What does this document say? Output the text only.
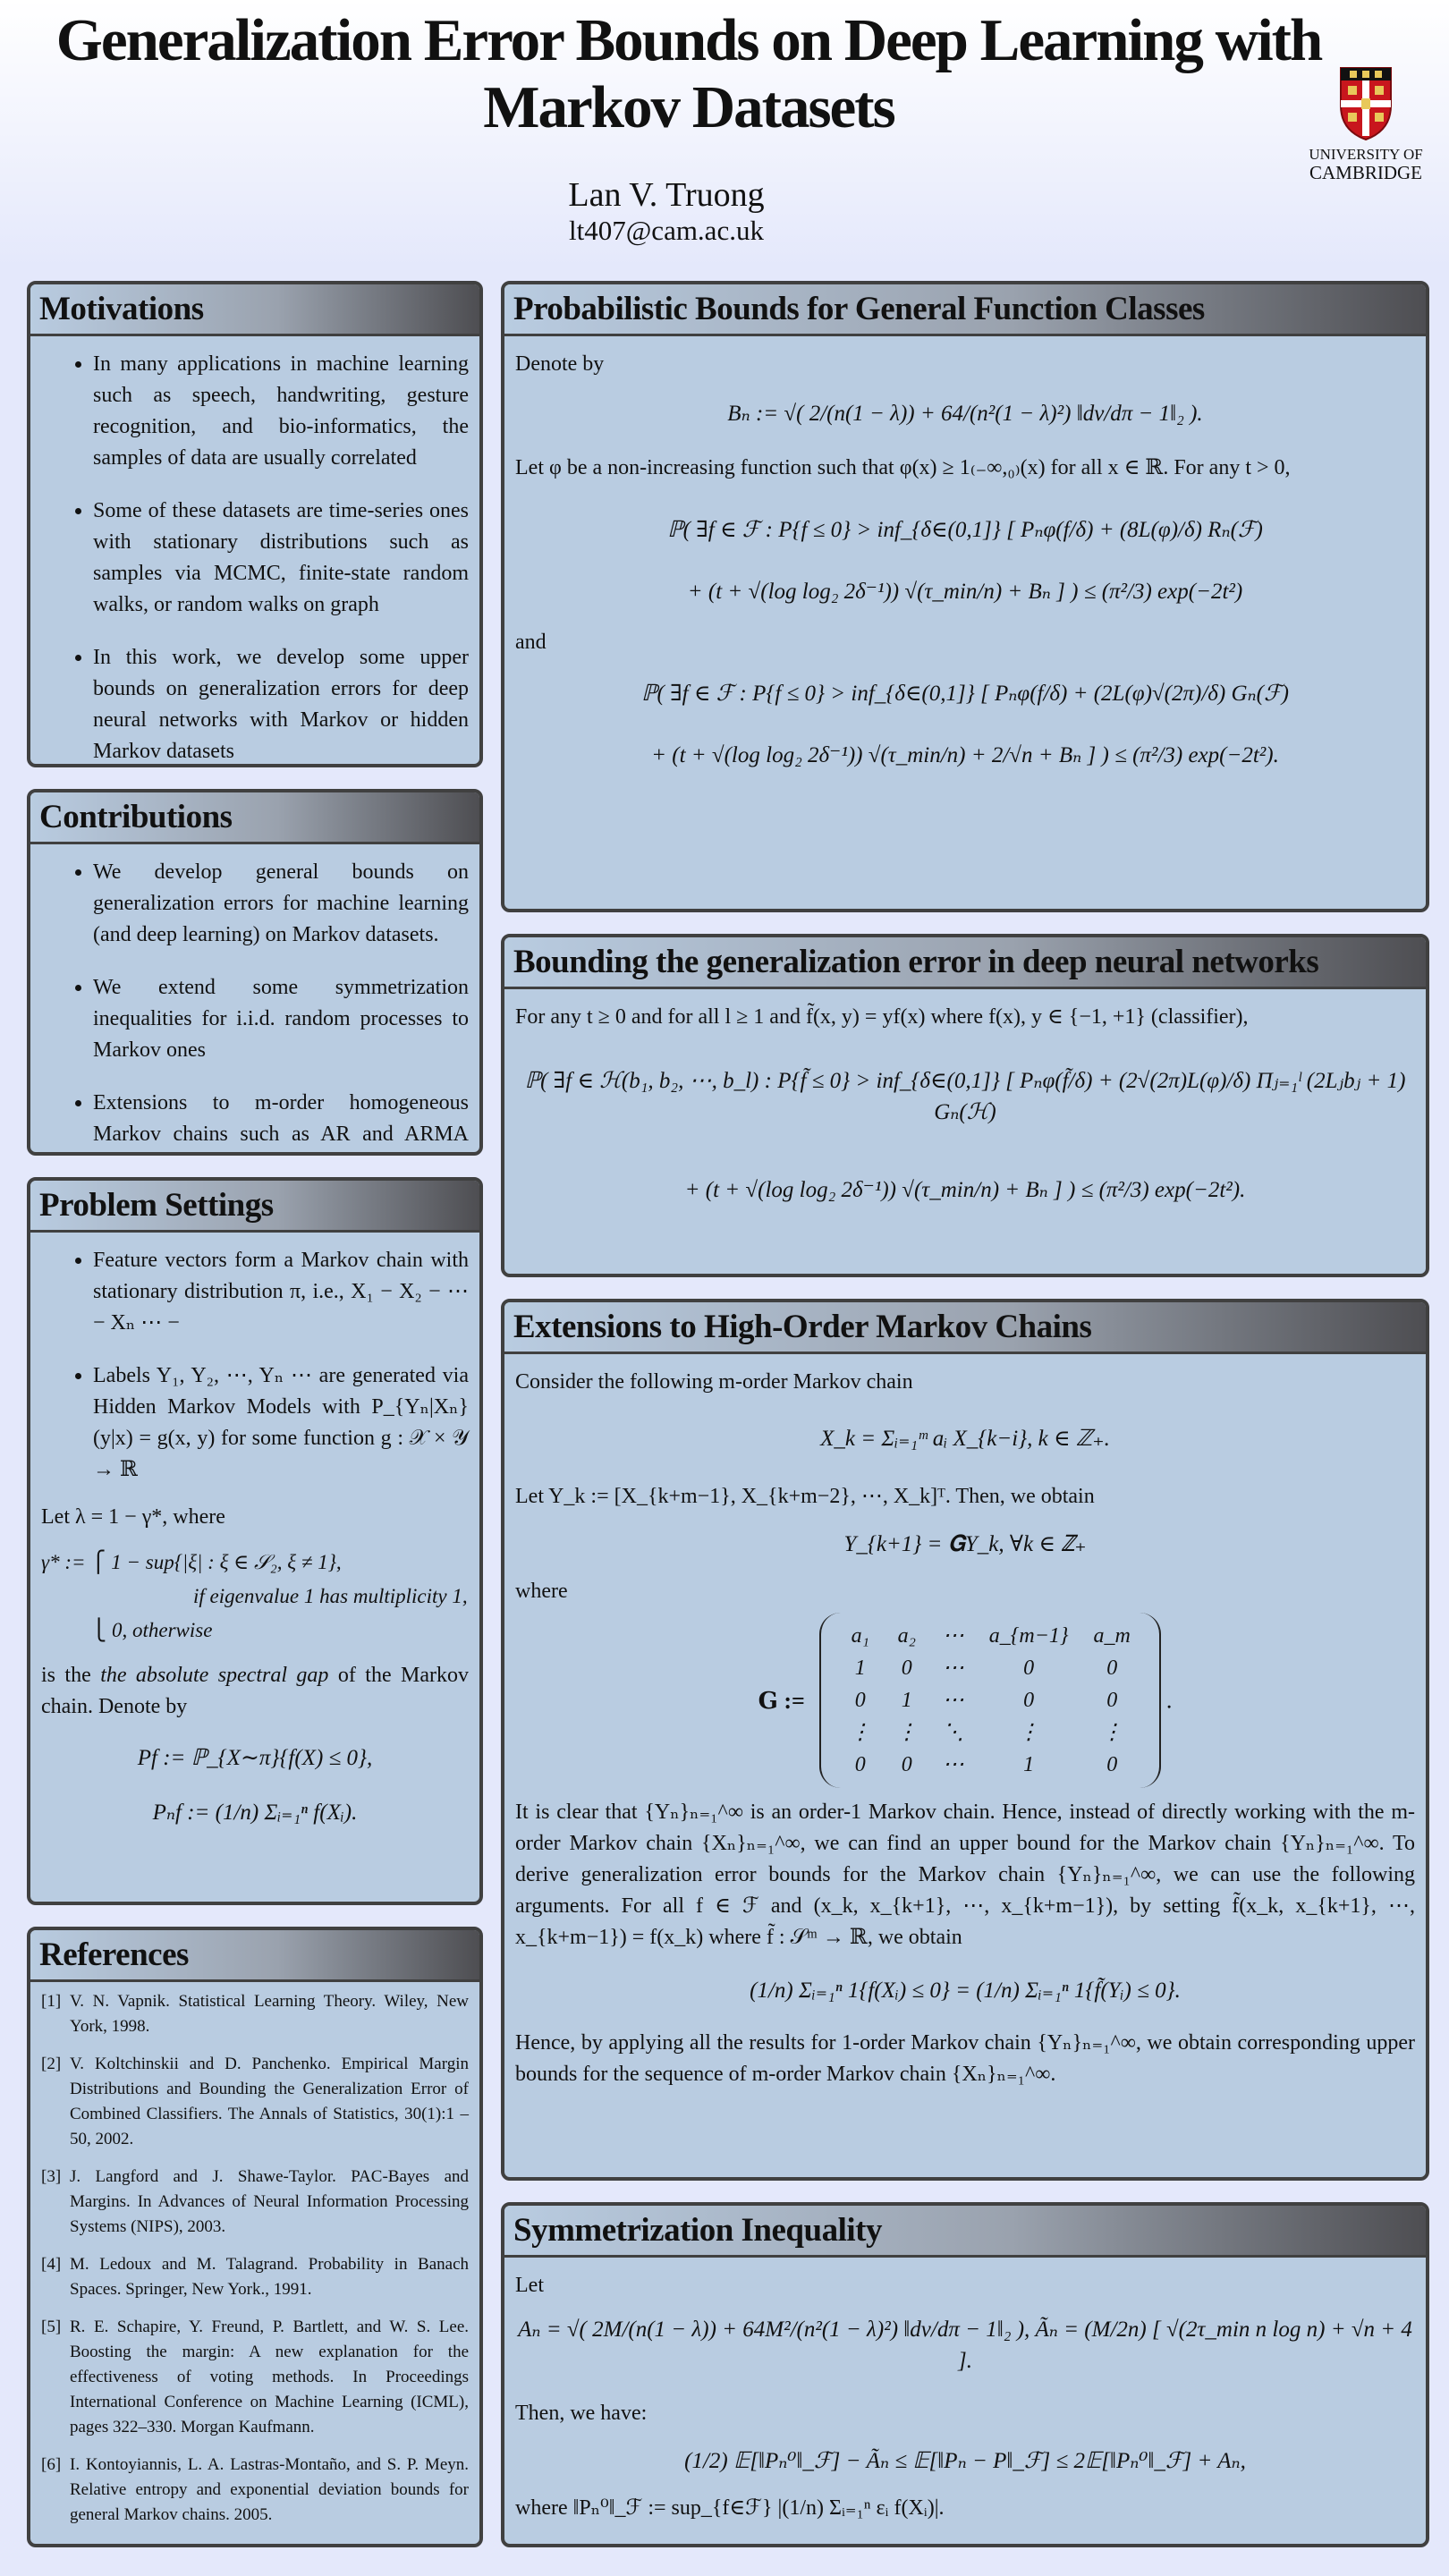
Generalization Error Bounds on Deep Learning with Markov Datasets
Lan V. Truong
lt407@cam.ac.uk
UNIVERSITY OF
CAMBRIDGE
Motivations
• In many applications in machine learning such as speech, handwriting, gesture recognition, and bio-informatics, the samples of data are usually correlated
• Some of these datasets are time-series ones with stationary distributions such as samples via MCMC, finite-state random walks, or random walks on graph
• In this work, we develop some upper bounds on generalization errors for deep neural networks with Markov or hidden Markov datasets
Contributions
• We develop general bounds on generalization errors for machine learning (and deep learning) on Markov datasets.
• We extend some symmetrization inequalities for i.i.d. random processes to Markov ones
• Extensions to m-order homogeneous Markov chains such as AR and ARMA
Problem Settings
• Feature vectors form a Markov chain with stationary distribution π, i.e., X₁ − X₂ − ⋯ − Xₙ ⋯ −
• Labels Y₁, Y₂, ⋯, Yₙ ⋯ are generated via Hidden Markov Models with P_{Yₙ|Xₙ}(y|x) = g(x, y) for some function g : 𝒳 × 𝒴 → ℝ
Let λ = 1 − γ*, where
γ* := ⎧ 1 − sup{|ξ| : ξ ∈ 𝒮₂, ξ ≠ 1},
if eigenvalue 1 has multiplicity 1,
⎩ 0, otherwise
is the the absolute spectral gap of the Markov chain. Denote by
Pf := ℙ_{X∼π}{f(X) ≤ 0},
Pₙf := (1/n) Σᵢ₌₁ⁿ f(Xᵢ).
References
[1] V. N. Vapnik. Statistical Learning Theory. Wiley, New York, 1998.
[2] V. Koltchinskii and D. Panchenko. Empirical Margin Distributions and Bounding the Generalization Error of Combined Classifiers. The Annals of Statistics, 30(1):1 – 50, 2002.
[3] J. Langford and J. Shawe-Taylor. PAC-Bayes and Margins. In Advances of Neural Information Processing Systems (NIPS), 2003.
[4] M. Ledoux and M. Talagrand. Probability in Banach Spaces. Springer, New York., 1991.
[5] R. E. Schapire, Y. Freund, P. Bartlett, and W. S. Lee. Boosting the margin: A new explanation for the effectiveness of voting methods. In Proceedings International Conference on Machine Learning (ICML), pages 322–330. Morgan Kaufmann.
[6] I. Kontoyiannis, L. A. Lastras-Montaño, and S. P. Meyn. Relative entropy and exponential deviation bounds for general Markov chains. 2005.
Probabilistic Bounds for General Function Classes
Denote by
Bₙ := √( 2/(n(1 − λ)) + 64/(n²(1 − λ)²) ‖dv/dπ − 1‖₂ ).
Let φ be a non-increasing function such that φ(x) ≥ 1₍₋∞,₀₎(x) for all x ∈ ℝ. For any t > 0,
ℙ( ∃f ∈ ℱ : P{f ≤ 0} > inf_{δ∈(0,1]} [ Pₙφ(f/δ) + (8L(φ)/δ) Rₙ(ℱ)
+ (t + √(log log₂ 2δ⁻¹)) √(τ_min/n) + Bₙ ] ) ≤ (π²/3) exp(−2t²)
and
ℙ( ∃f ∈ ℱ : P{f ≤ 0} > inf_{δ∈(0,1]} [ Pₙφ(f/δ) + (2L(φ)√(2π)/δ) Gₙ(ℱ)
+ (t + √(log log₂ 2δ⁻¹)) √(τ_min/n) + 2/√n + Bₙ ] ) ≤ (π²/3) exp(−2t²).
Bounding the generalization error in deep neural networks
For any t ≥ 0 and for all l ≥ 1 and f̃(x, y) = yf(x) where f(x), y ∈ {−1, +1} (classifier),
ℙ( ∃f ∈ ℋ(b₁, b₂, ⋯, b_l) : P{f̃ ≤ 0} > inf_{δ∈(0,1]} [ Pₙφ(f̃/δ) + (2√(2π)L(φ)/δ) Πⱼ₌₁ˡ (2Lⱼbⱼ + 1) Gₙ(ℋ)
+ (t + √(log log₂ 2δ⁻¹)) √(τ_min/n) + Bₙ ] ) ≤ (π²/3) exp(−2t²).
Extensions to High-Order Markov Chains
Consider the following m-order Markov chain
X_k = Σᵢ₌₁ᵐ aᵢ X_{k−i}, k ∈ ℤ₊.
Let Y_k := [X_{k+m−1}, X_{k+m−2}, ⋯, X_k]ᵀ. Then, we obtain
Y_{k+1} = 𝐆Y_k, ∀k ∈ ℤ₊
where
𝐆 :=
a₁	a₂	⋯	a_{m−1}	a_m
1	0	⋯	0	0
0	1	⋯	0	0
⋮	⋮	⋱	⋮	⋮
0	0	⋯	1	0
.
It is clear that {Yₙ}ₙ₌₁^∞ is an order-1 Markov chain. Hence, instead of directly working with the m-order Markov chain {Xₙ}ₙ₌₁^∞, we can find an upper bound for the Markov chain {Yₙ}ₙ₌₁^∞. To derive generalization error bounds for the Markov chain {Yₙ}ₙ₌₁^∞, we can use the following arguments. For all f ∈ ℱ and (x_k, x_{k+1}, ⋯, x_{k+m−1}), by setting f̃(x_k, x_{k+1}, ⋯, x_{k+m−1}) = f(x_k) where f̃ : 𝒮ᵐ → ℝ, we obtain
(1/n) Σᵢ₌₁ⁿ 1{f(Xᵢ) ≤ 0} = (1/n) Σᵢ₌₁ⁿ 1{f̃(Yᵢ) ≤ 0}.
Hence, by applying all the results for 1-order Markov chain {Yₙ}ₙ₌₁^∞, we obtain corresponding upper bounds for the sequence of m-order Markov chain {Xₙ}ₙ₌₁^∞.
Symmetrization Inequality
Let
Aₙ = √( 2M/(n(1 − λ)) + 64M²/(n²(1 − λ)²) ‖dv/dπ − 1‖₂ ), Ãₙ = (M/2n) [ √(2τ_min n log n) + √n + 4 ].
Then, we have:
(1/2) 𝔼[‖Pₙ⁰‖_ℱ] − Ãₙ ≤ 𝔼[‖Pₙ − P‖_ℱ] ≤ 2𝔼[‖Pₙ⁰‖_ℱ] + Aₙ,
where ‖Pₙ⁰‖_ℱ := sup_{f∈ℱ} |(1/n) Σᵢ₌₁ⁿ εᵢ f(Xᵢ)|.
